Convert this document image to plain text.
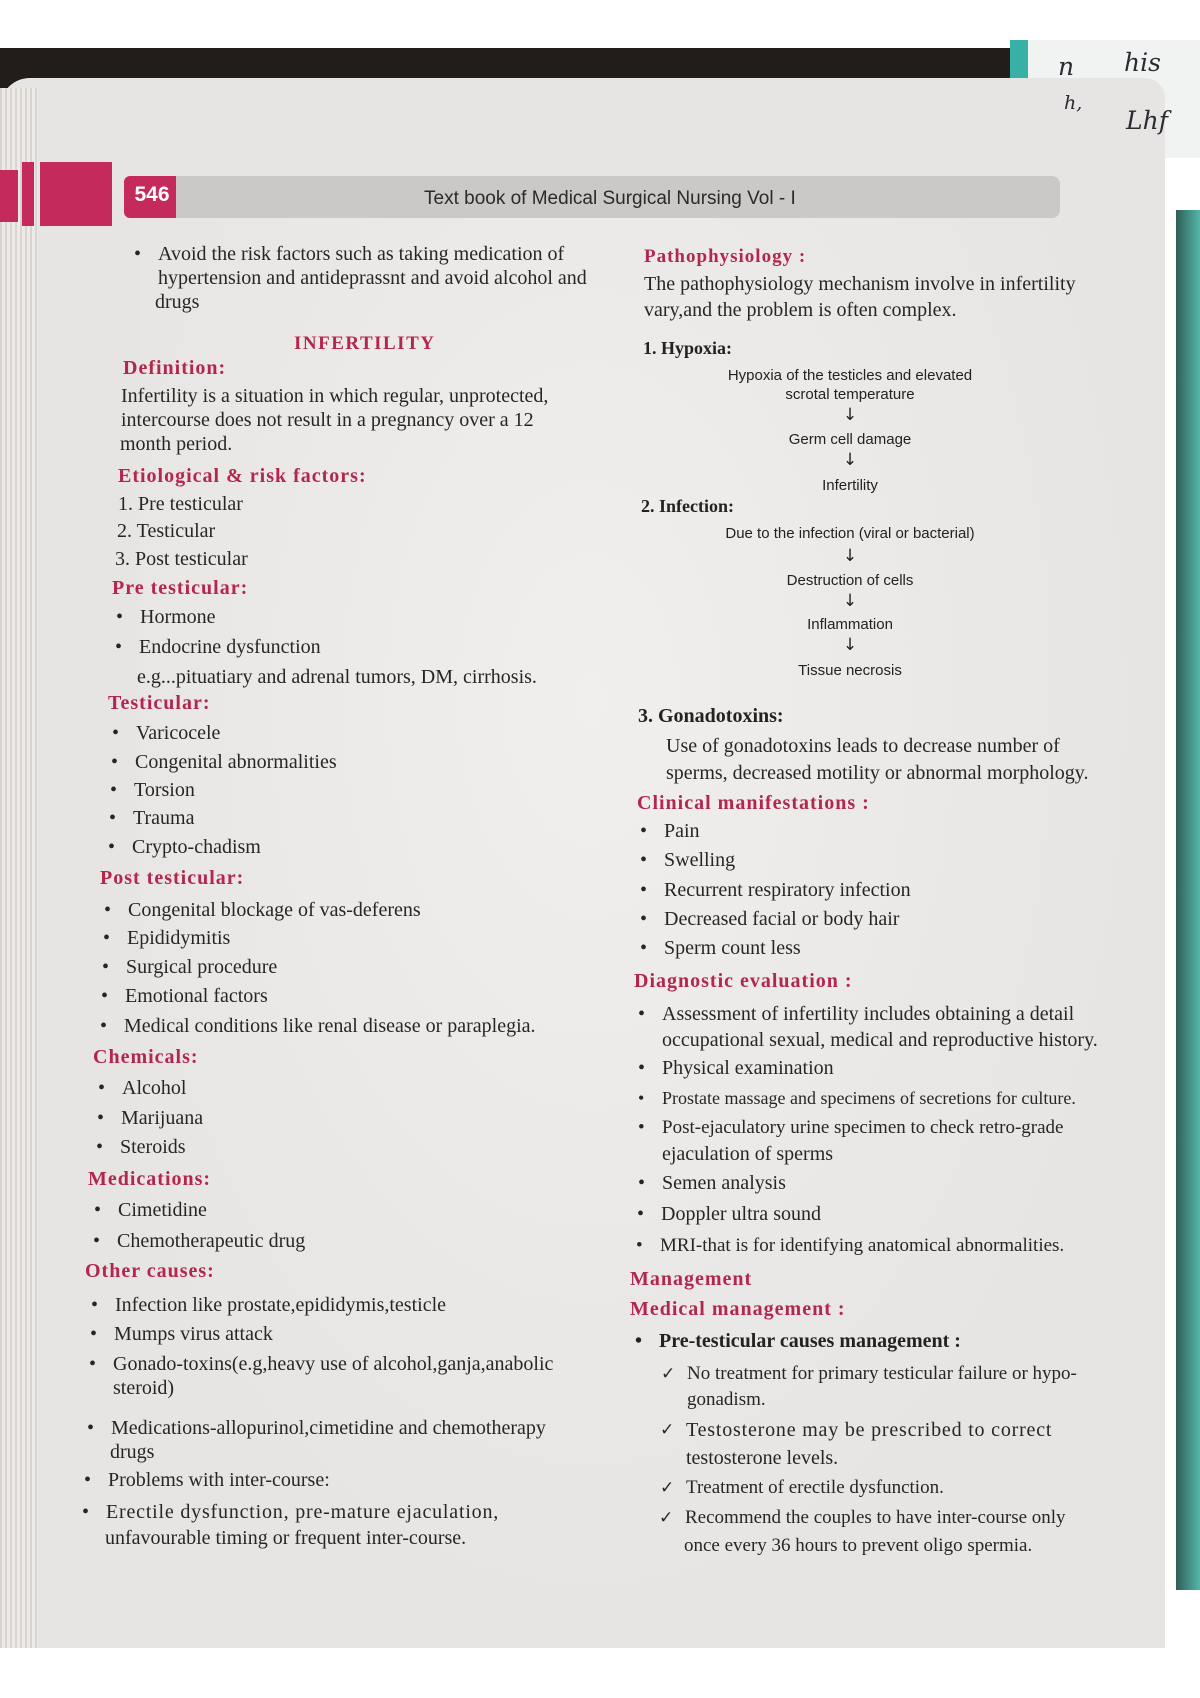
n his
h,
Lhf
546	Text book of Medical Surgical Nursing Vol - I
• Avoid the risk factors such as taking medication of
hypertension and antideprassnt and avoid alcohol and
drugs
INFERTILITY
Definition:
Infertility is a situation in which regular, unprotected,
intercourse does not result in a pregnancy over a 12
month period.
Etiological & risk factors:
1. Pre testicular
2. Testicular
3. Post testicular
Pre testicular:
• Hormone
• Endocrine dysfunction
e.g...pituatiary and adrenal tumors, DM, cirrhosis.
Testicular:
• Varicocele
• Congenital abnormalities
• Torsion
• Trauma
• Crypto-chadism
Post testicular:
• Congenital blockage of vas-deferens
• Epididymitis
• Surgical procedure
• Emotional factors
• Medical conditions like renal disease or paraplegia.
Chemicals:
• Alcohol
• Marijuana
• Steroids
Medications:
• Cimetidine
• Chemotherapeutic drug
Other causes:
• Infection like prostate,epididymis,testicle
• Mumps virus attack
• Gonado-toxins(e.g,heavy use of alcohol,ganja,anabolic
steroid)
• Medications-allopurinol,cimetidine and chemotherapy
drugs
• Problems with inter-course:
• Erectile dysfunction, pre-mature ejaculation,
unfavourable timing or frequent inter-course.
Pathophysiology :
The pathophysiology mechanism involve in infertility
vary,and the problem is often complex.
1. Hypoxia:
Hypoxia of the testicles and elevated
scrotal temperature
↓
Germ cell damage
↓
Infertility
2. Infection:
Due to the infection (viral or bacterial)
↓
Destruction of cells
↓
Inflammation
↓
Tissue necrosis
3. Gonadotoxins:
Use of gonadotoxins leads to decrease number of
sperms, decreased motility or abnormal morphology.
Clinical manifestations :
• Pain
• Swelling
• Recurrent respiratory infection
• Decreased facial or body hair
• Sperm count less
Diagnostic evaluation :
• Assessment of infertility includes obtaining a detail
occupational sexual, medical and reproductive history.
• Physical examination
• Prostate massage and specimens of secretions for culture.
• Post-ejaculatory urine specimen to check retro-grade
ejaculation of sperms
• Semen analysis
• Doppler ultra sound
• MRI-that is for identifying anatomical abnormalities.
Management
Medical management :
• Pre-testicular causes management :
✓ No treatment for primary testicular failure or hypo-
gonadism.
✓ Testosterone may be prescribed to correct
testosterone levels.
✓ Treatment of erectile dysfunction.
✓ Recommend the couples to have inter-course only
once every 36 hours to prevent oligo spermia.
